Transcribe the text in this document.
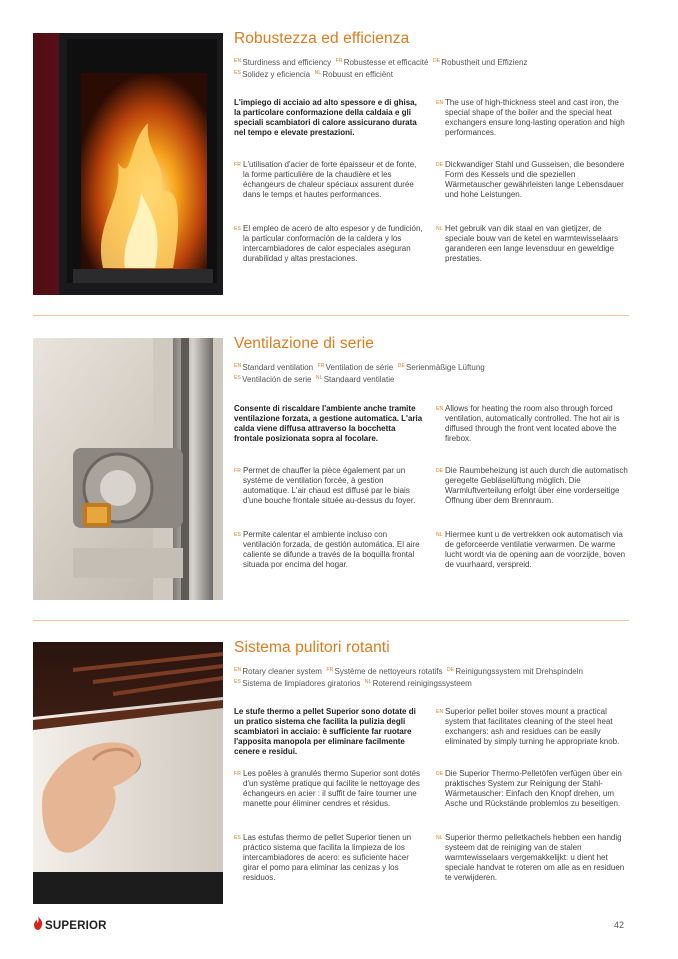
Robustezza ed efficienza
$^{EN}$Sturdiness and efficiency $^{FR}$Robustesse et efficacité $^{DE}$Robustheit und Effizienz
$^{ES}$Solidez y eficiencia $^{NL}$Robuust en efficiënt
L'impiego di acciaio ad alto spessore e di ghisa, la particolare conformazione della caldaia e gli speciali scambiatori di calore assicurano durata nel tempo e elevate prestazioni.
FR L'utilisation d'acier de forte épaisseur et de fonte, la forme particulière de la chaudière et les échangeurs de chaleur spéciaux assurent durée dans le temps et hautes performances.
ES El empleo de acero de alto espesor y de fundición, la particular conformación de la caldera y los intercambiadores de calor especiales aseguran durabilidad y altas prestaciones.
EN The use of high-thickness steel and cast iron, the special shape of the boiler and the special heat exchangers ensure long-lasting operation and high performances.
DE Dickwandiger Stahl und Gusseisen, die besondere Form des Kessels und die speziellen Wärmetauscher gewährleisten lange Lebensdauer und hohe Leistungen.
NL Het gebruik van dik staal en van gietijzer, de speciale bouw van de ketel en warmtewisselaars garanderen een lange levensduur en geweldige prestaties.
Ventilazione di serie
$^{EN}$Standard ventilation $^{FR}$Ventilation de série $^{DE}$Serienmäßige Lüftung
$^{ES}$Ventilación de serie $^{NL}$Standaard ventilatie
Consente di riscaldare l'ambiente anche tramite ventilazione forzata, a gestione automatica. L'aria calda viene diffusa attraverso la bocchetta frontale posizionata sopra al focolare.
FR Permet de chauffer la pièce également par un système de ventilation forcée, à gestion automatique. L'air chaud est diffusé par le biais d'une bouche frontale située au-dessus du foyer.
ES Permite calentar el ambiente incluso con ventilación forzada, de gestión automática. El aire caliente se difunde a través de la boquilla frontal situada por encima del hogar.
EN Allows for heating the room also through forced ventilation, automatically controlled. The hot air is diffused through the front vent located above the firebox.
DE Die Raumbeheizung ist auch durch die automatisch geregelte Gebläselüftung möglich. Die Warmluftverteilung erfolgt über eine vorderseitige Öffnung über dem Brennraum.
NL Hiermee kunt u de vertrekken ook automatisch via de geforceerde ventilatie verwarmen. De warme lucht wordt via de opening aan de voorzijde, boven de vuurhaard, verspreid.
Sistema pulitori rotanti
$^{EN}$Rotary cleaner system $^{FR}$Système de nettoyeurs rotatifs $^{DE}$Reinigungssystem mit Drehspindeln
$^{ES}$Sistema de limpiadores giratorios $^{NL}$Roterend reinigingssysteem
Le stufe thermo a pellet Superior sono dotate di un pratico sistema che facilita la pulizia degli scambiatori in acciaio: è sufficiente far ruotare l'apposita manopola per eliminare facilmente cenere e residui.
FR Les poêles à granulés thermo Superior sont dotés d'un système pratique qui facilite le nettoyage des échangeurs en acier : il suffit de faire tourner une manette pour éliminer cendres et résidus.
ES Las estufas thermo de pellet Superior tienen un práctico sistema que facilita la limpieza de los intercambiadores de acero: es suficiente hacer girar el pomo para eliminar las cenizas y los residuos.
EN Superior pellet boiler stoves mount a practical system that facilitates cleaning of the steel heat exchangers: ash and residues can be easily eliminated by simply turning he appropriate knob.
DE Die Superior Thermo-Pelletöfen verfügen über ein praktisches System zur Reinigung der Stahl-Wärmetauscher: Einfach den Knopf drehen, um Asche und Rückstände problemlos zu beseitigen.
NL Superior thermo pelletkachels hebben een handig systeem dat de reiniging van de stalen warmtewisselaars vergemakkelijkt: u dient het speciale handvat te roteren om alle as en residuen te verwijderen.
SUPERIOR	42
